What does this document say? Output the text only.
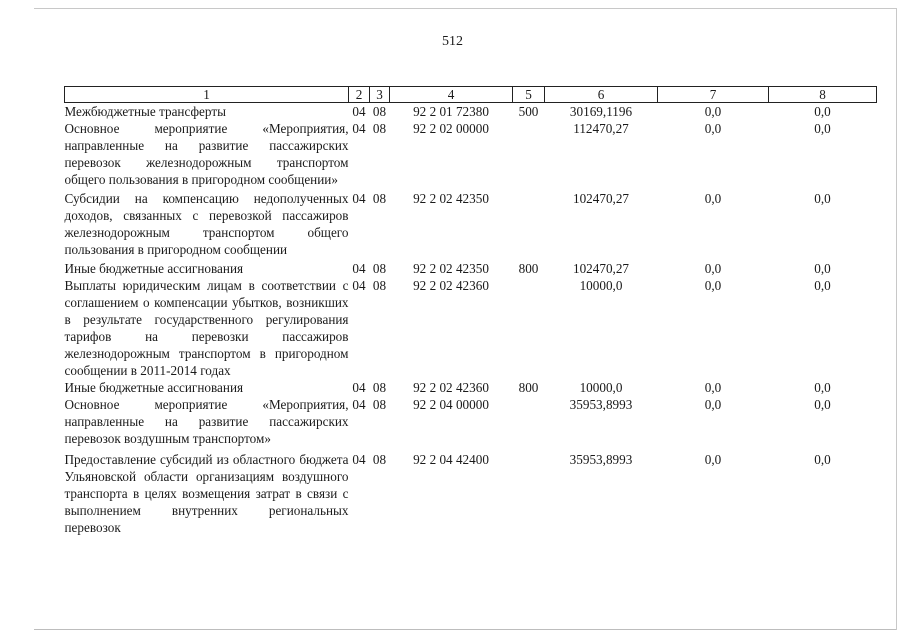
512
1	2	3	4	5	6	7	8
Межбюджетные трансферты	04	08	92 2 01 72380	500	30169,1196	0,0	0,0
Основное мероприятие «Мероприятия, направленные на развитие пассажирских перевозок железнодорожным транспортом общего пользования в пригородном сообщении»	04	08	92 2 02 00000		112470,27	0,0	0,0
Субсидии на компенсацию недополученных доходов, связанных с перевозкой пассажиров железнодорожным транспортом общего пользования в пригородном сообщении	04	08	92 2 02 42350		102470,27	0,0	0,0
Иные бюджетные ассигнования	04	08	92 2 02 42350	800	102470,27	0,0	0,0
Выплаты юридическим лицам в соответствии с соглашением о компенсации убытков, возникших в результате государственного регулирования тарифов на перевозки пассажиров железнодорожным транспортом в пригородном сообщении в 2011-2014 годах	04	08	92 2 02 42360		10000,0	0,0	0,0
Иные бюджетные ассигнования	04	08	92 2 02 42360	800	10000,0	0,0	0,0
Основное мероприятие «Мероприятия, направленные на развитие пассажирских перевозок воздушным транспортом»	04	08	92 2 04 00000		35953,8993	0,0	0,0
Предоставление субсидий из областного бюджета Ульяновской области организациям воздушного транспорта в целях возмещения затрат в связи с выполнением внутренних региональных перевозок	04	08	92 2 04 42400		35953,8993	0,0	0,0
